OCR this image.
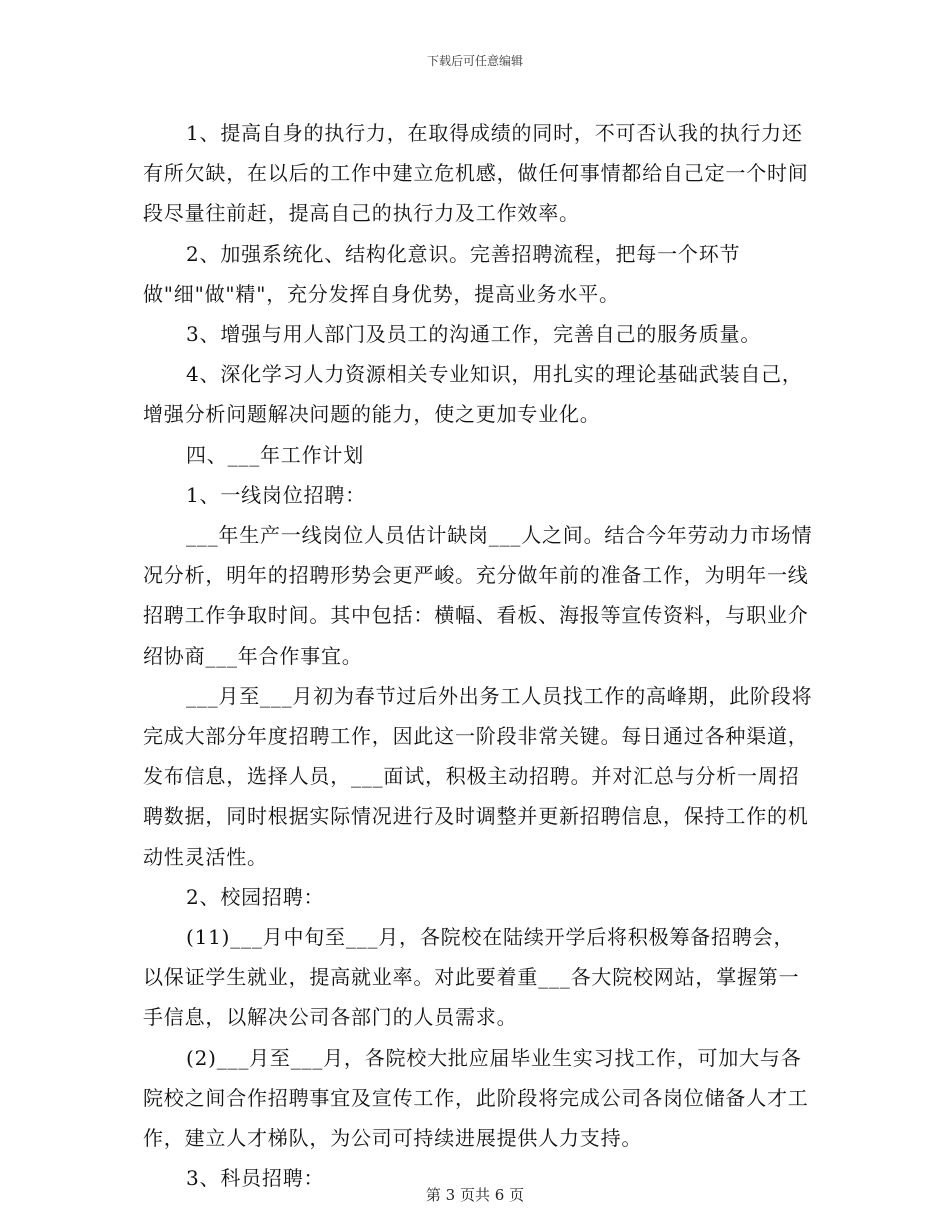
下载后可任意编辑

1、提高自身的执行力，在取得成绩的同时，不可否认我的执行力还有所欠缺，在以后的工作中建立危机感，做任何事情都给自己定一个时间段尽量往前赶，提高自己的执行力及工作效率。

2、加强系统化、结构化意识。完善招聘流程，把每一个环节做"细"做"精"，充分发挥自身优势，提高业务水平。

3、增强与用人部门及员工的沟通工作，完善自己的服务质量。

4、深化学习人力资源相关专业知识，用扎实的理论基础武装自己，增强分析问题解决问题的能力，使之更加专业化。

四、___年工作计划

1、一线岗位招聘：

___年生产一线岗位人员估计缺岗___人之间。结合今年劳动力市场情况分析，明年的招聘形势会更严峻。充分做年前的准备工作，为明年一线招聘工作争取时间。其中包括：横幅、看板、海报等宣传资料，与职业介绍协商___年合作事宜。

___月至___月初为春节过后外出务工人员找工作的高峰期，此阶段将完成大部分年度招聘工作，因此这一阶段非常关键。每日通过各种渠道，发布信息，选择人员，___面试，积极主动招聘。并对汇总与分析一周招聘数据，同时根据实际情况进行及时调整并更新招聘信息，保持工作的机动性灵活性。

2、校园招聘：

(11)___月中旬至___月，各院校在陆续开学后将积极筹备招聘会，以保证学生就业，提高就业率。对此要着重___各大院校网站，掌握第一手信息，以解决公司各部门的人员需求。

(2)___月至___月，各院校大批应届毕业生实习找工作，可加大与各院校之间合作招聘事宜及宣传工作，此阶段将完成公司各岗位储备人才工作，建立人才梯队，为公司可持续进展提供人力支持。

3、科员招聘：

第 3 页共 6 页
